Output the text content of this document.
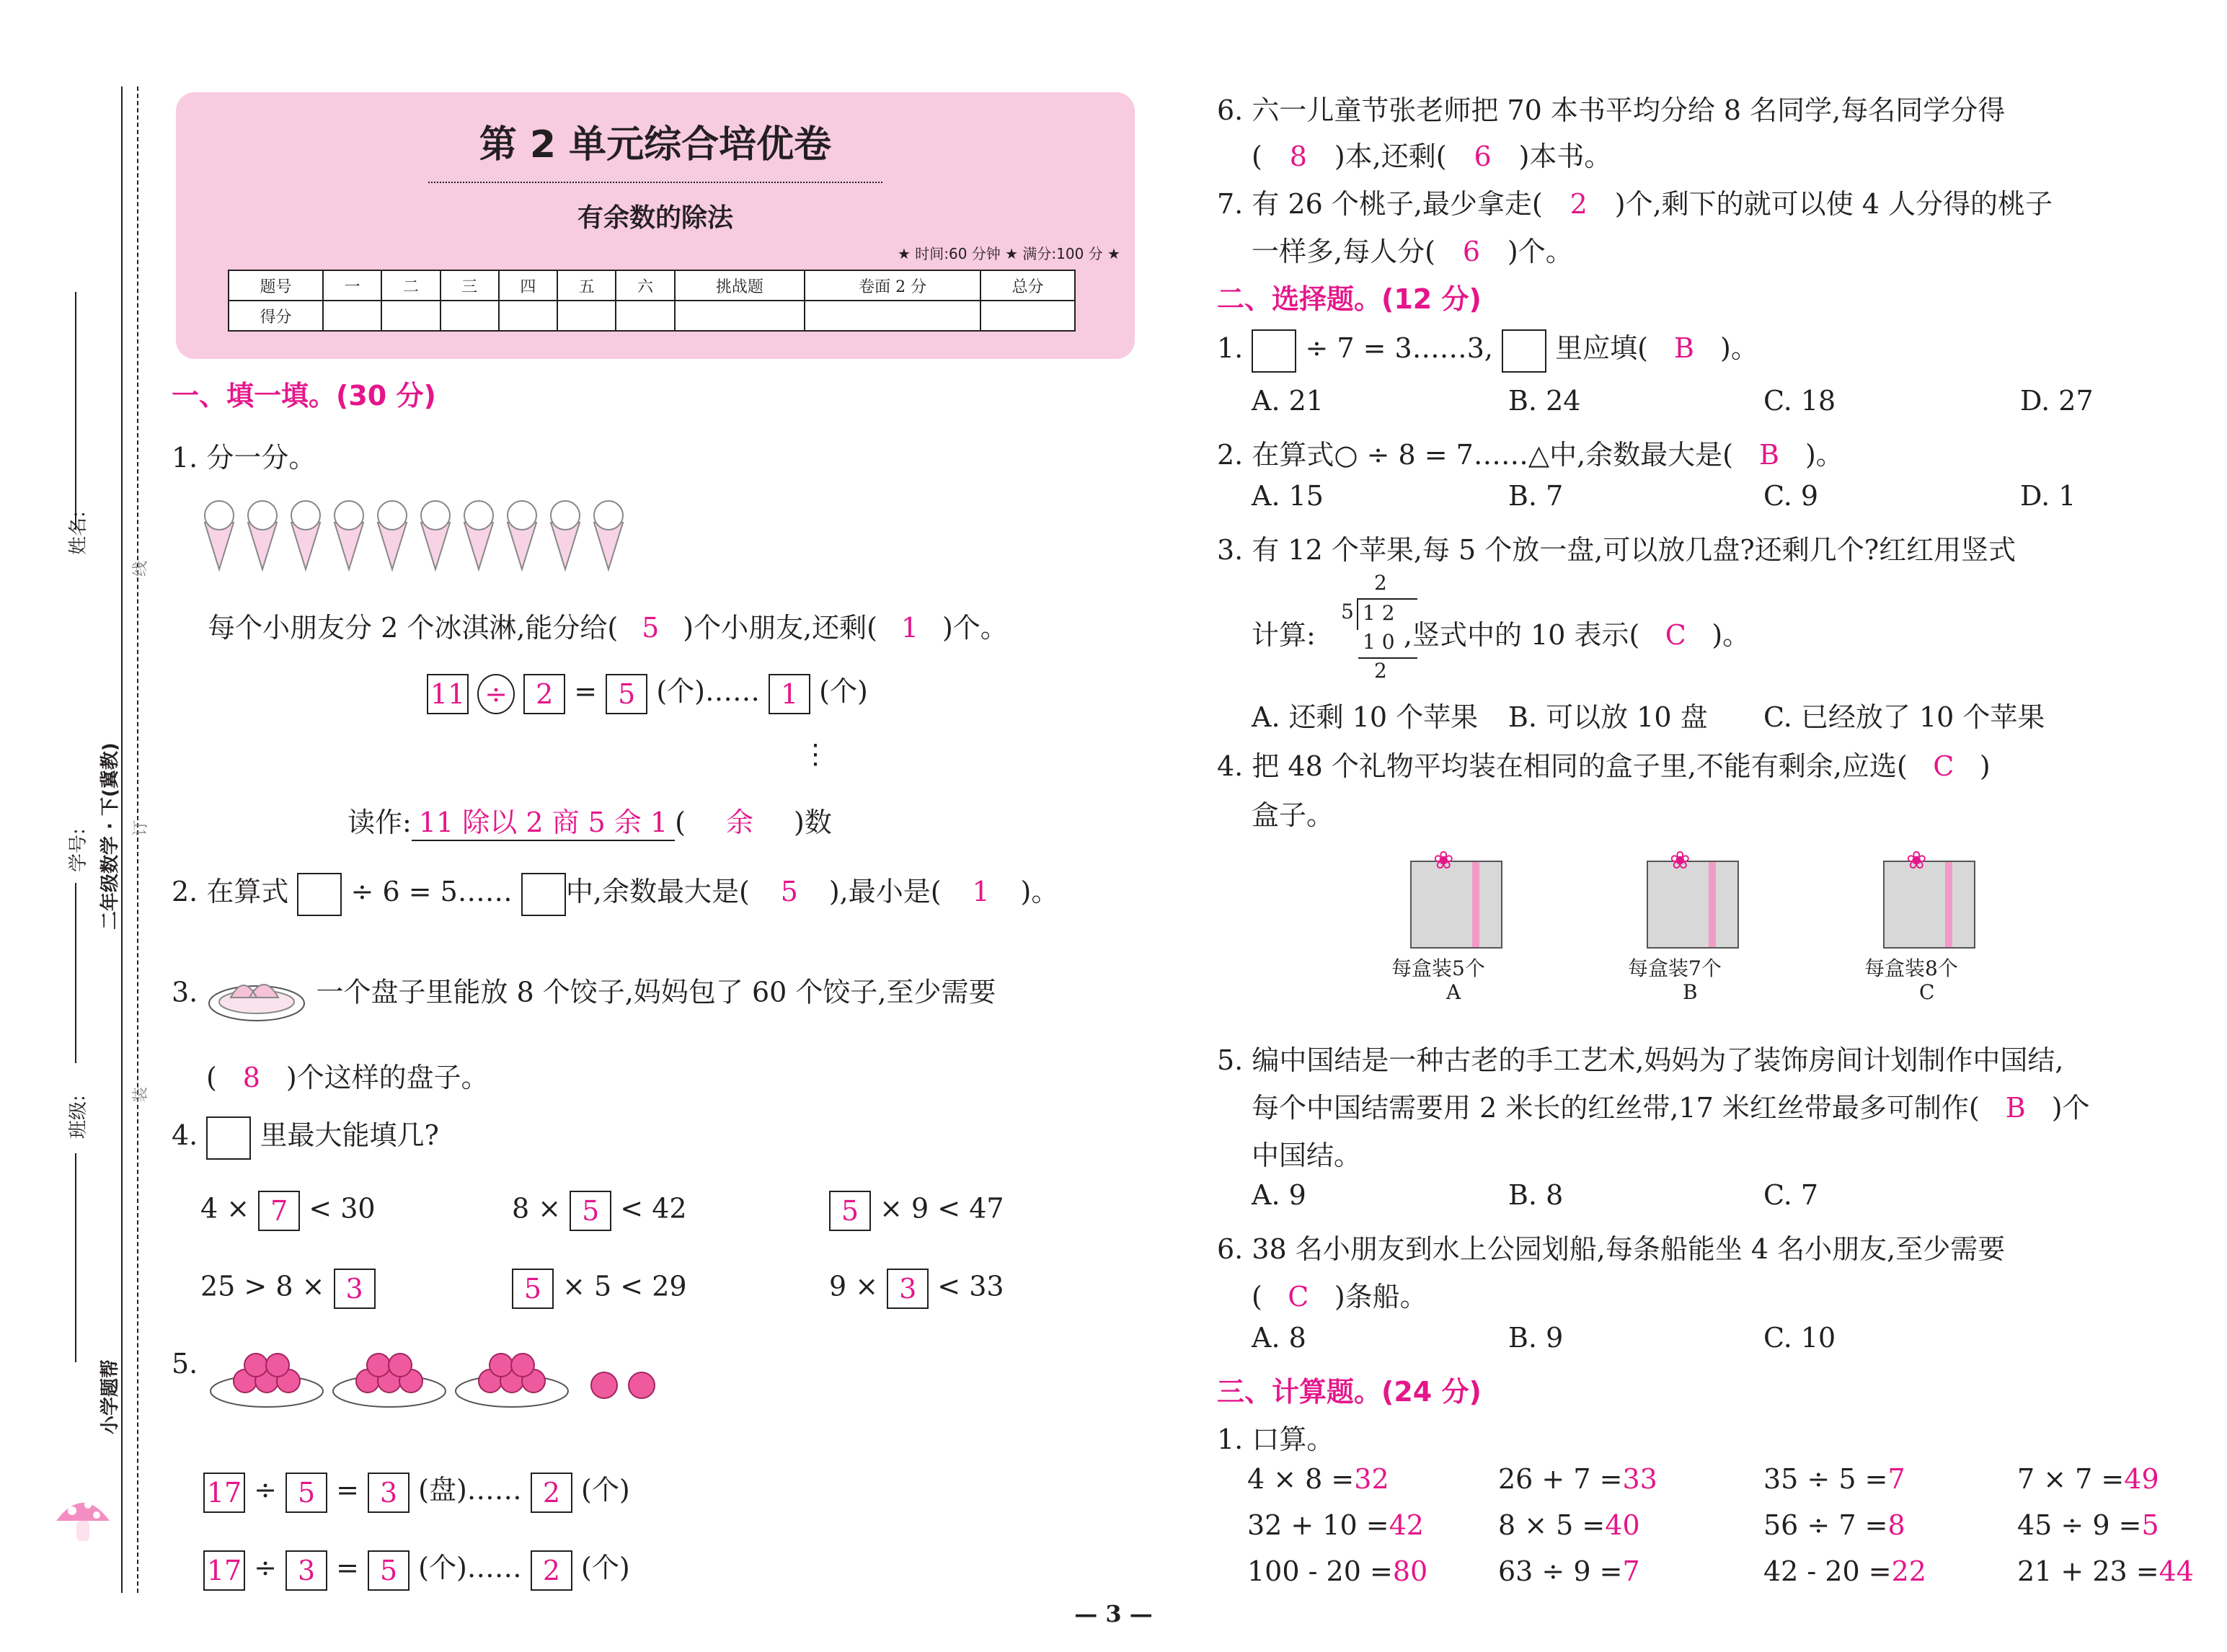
姓名:
学号:
班级:
二年级数学 · 下(冀教)
小学题帮
线
订
装
第 2 单元综合培优卷
有余数的除法
★ 时间:60 分钟 ★ 满分:100 分 ★
题号	一	二	三	四	五	六	挑战题	卷面 2 分	总分
得分									
一、填一填。(30 分)
1. 分一分。
每个小朋友分 2 个冰淇淋,能分给( 5 )个小朋友,还剩( 1 )个。
11 ÷ 2 = 5 (个)…… 1 (个)
⋮
读作: 11 除以 2 商 5 余 1 ( 余 )数
2. 在算式 ÷ 6 = 5…… 中,余数最大是( 5 ),最小是( 1 )。
3.	一个盘子里能放 8 个饺子,妈妈包了 60 个饺子,至少需要
( 8 )个这样的盘子。
4. 里最大能填几?
4 × 7 < 30	8 × 5 < 42	5 × 9 < 47
25 > 8 × 3	5 × 5 < 29	9 × 3 < 33
5.
17 ÷ 5 = 3 (盘)…… 2 (个)
17 ÷ 3 = 5 (个)…… 2 (个)
6. 六一儿童节张老师把 70 本书平均分给 8 名同学,每名同学分得
( 8 )本,还剩( 6 )本书。
7. 有 26 个桃子,最少拿走( 2 )个,剩下的就可以使 4 人分得的桃子
一样多,每人分( 6 )个。
二、选择题。(12 分)
1. ÷ 7 = 3……3, 里应填( B )。
A. 21	B. 24	C. 18	D. 27
2. 在算式○ ÷ 8 = 7……△中,余数最大是( B )。
A. 15	B. 7	C. 9	D. 1
3. 有 12 个苹果,每 5 个放一盘,可以放几盘?还剩几个?红红用竖式
计算:	,竖式中的 10 表示( C )。
2
5 1 2
1 0
2
A. 还剩 10 个苹果 B. 可以放 10 盘 C. 已经放了 10 个苹果
4. 把 48 个礼物平均装在相同的盒子里,不能有剩余,应选( C )
盒子。
❀
每盒装5个
A
❀
每盒装7个
B
❀
每盒装8个
C
5. 编中国结是一种古老的手工艺术,妈妈为了装饰房间计划制作中国结,
每个中国结需要用 2 米长的红丝带,17 米红丝带最多可制作( B )个
中国结。
A. 9	B. 8	C. 7
6. 38 名小朋友到水上公园划船,每条船能坐 4 名小朋友,至少需要
( C )条船。
A. 8	B. 9	C. 10
三、计算题。(24 分)
1. 口算。
4 × 8 =32	26 + 7 =33	35 ÷ 5 =7	7 × 7 =49
32 + 10 =42	8 × 5 =40	56 ÷ 7 =8	45 ÷ 9 =5
100 - 20 =80	63 ÷ 9 =7	42 - 20 =22	21 + 23 =44
— 3 —
